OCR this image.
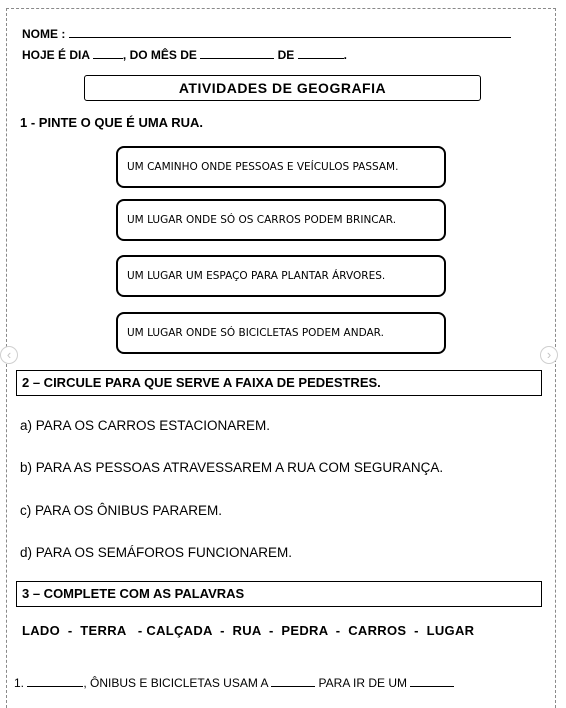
NOME :
HOJE É DIA	, DO MÊS DE	DE	.
ATIVIDADES DE GEOGRAFIA
1 - PINTE O QUE É UMA RUA.
UM CAMINHO ONDE PESSOAS E VEÍCULOS PASSAM.
UM LUGAR ONDE SÓ OS CARROS PODEM BRINCAR.
UM LUGAR UM ESPAÇO PARA PLANTAR ÁRVORES.
UM LUGAR ONDE SÓ BICICLETAS PODEM ANDAR.
‹	›
2 – CIRCULE PARA QUE SERVE A FAIXA DE PEDESTRES.
a) PARA OS CARROS ESTACIONAREM.
b) PARA AS PESSOAS ATRAVESSAREM A RUA COM SEGURANÇA.
c) PARA OS ÔNIBUS PARAREM.
d) PARA OS SEMÁFOROS FUNCIONAREM.
3 – COMPLETE COM AS PALAVRAS
LADO  -  TERRA   - CALÇADA  -  RUA  -  PEDRA  -  CARROS  -  LUGAR
1.	, ÔNIBUS E BICICLETAS USAM A	PARA IR DE UM
